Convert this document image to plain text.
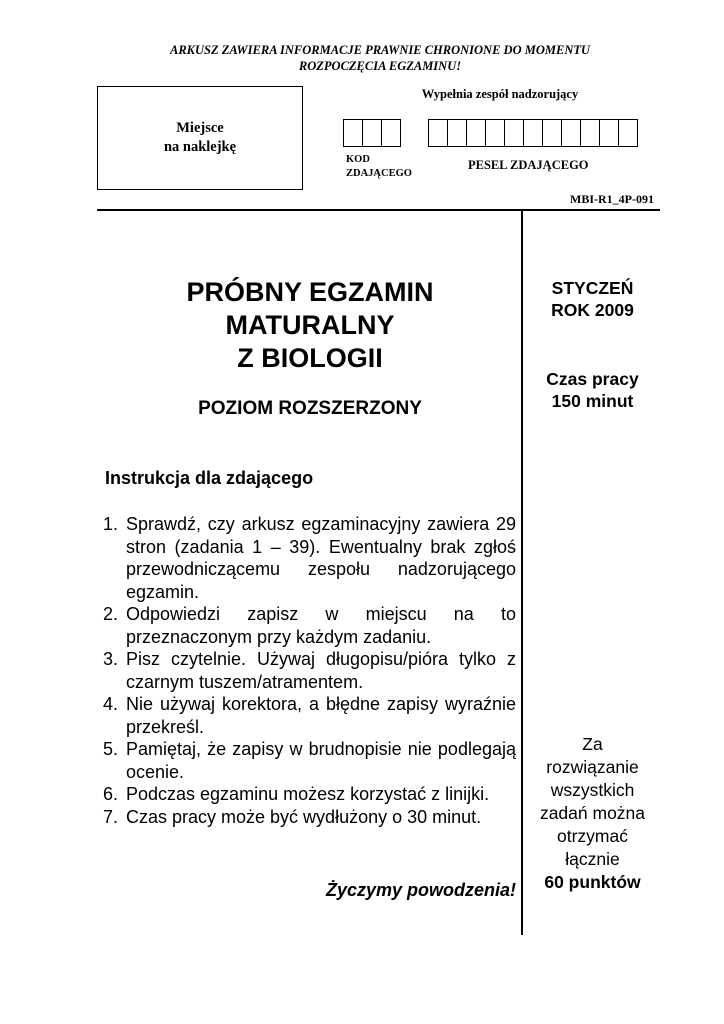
ARKUSZ ZAWIERA INFORMACJE PRAWNIE CHRONIONE DO MOMENTU
ROZPOCZĘCIA EGZAMINU!
Miejsce
na naklejkę
Wypełnia zespół nadzorujący
KOD
ZDAJĄCEGO
PESEL ZDAJĄCEGO
MBI-R1_4P-091
PRÓBNY EGZAMIN
MATURALNY
Z BIOLOGII
POZIOM ROZSZERZONY
Instrukcja dla zdającego
1. Sprawdź, czy arkusz egzaminacyjny zawiera 29 stron (zadania 1 – 39). Ewentualny brak zgłoś przewodniczącemu zespołu nadzorującego egzamin.
2. Odpowiedzi zapisz w miejscu na to przeznaczonym przy każdym zadaniu.
3. Pisz czytelnie. Używaj długopisu/pióra tylko z czarnym tuszem/atramentem.
4. Nie używaj korektora, a błędne zapisy wyraźnie przekreśl.
5. Pamiętaj, że zapisy w brudnopisie nie podlegają ocenie.
6. Podczas egzaminu możesz korzystać z linijki.
7. Czas pracy może być wydłużony o 30 minut.
Życzymy powodzenia!
STYCZEŃ
ROK 2009
Czas pracy
150 minut
Za
rozwiązanie
wszystkich
zadań można
otrzymać
łącznie
60 punktów
